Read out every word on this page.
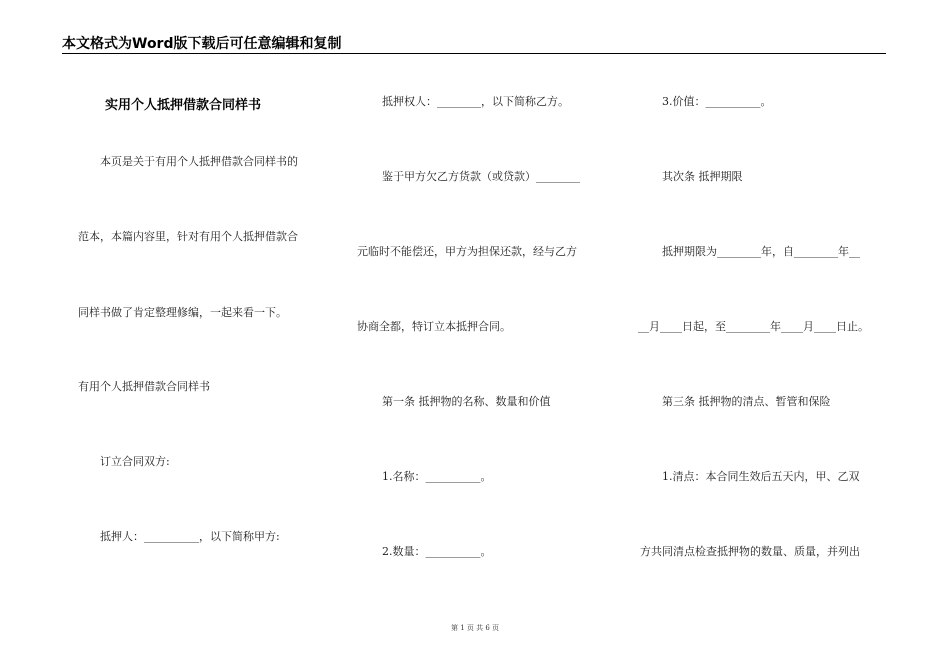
本文格式为Word版下载后可任意编辑和复制
实用个人抵押借款合同样书
本页是关于有用个人抵押借款合同样书的
范本，本篇内容里，针对有用个人抵押借款合
同样书做了肯定整理修编，一起来看一下。
有用个人抵押借款合同样书
订立合同双方:
抵押人：__________，以下简称甲方:
抵押权人：________，以下简称乙方。
鉴于甲方欠乙方货款（或贷款）________
元临时不能偿还，甲方为担保还款，经与乙方
协商全都，特订立本抵押合同。
第一条 抵押物的名称、数量和价值
1.名称：__________。
2.数量：__________。
3.价值：__________。
其次条 抵押期限
抵押期限为________年，自________年__
__月____日起，至________年____月____日止。
第三条 抵押物的清点、暂管和保险
1.清点：本合同生效后五天内，甲、乙双
方共同清点检查抵押物的数量、质量，并列出
第 1 页 共 6 页
